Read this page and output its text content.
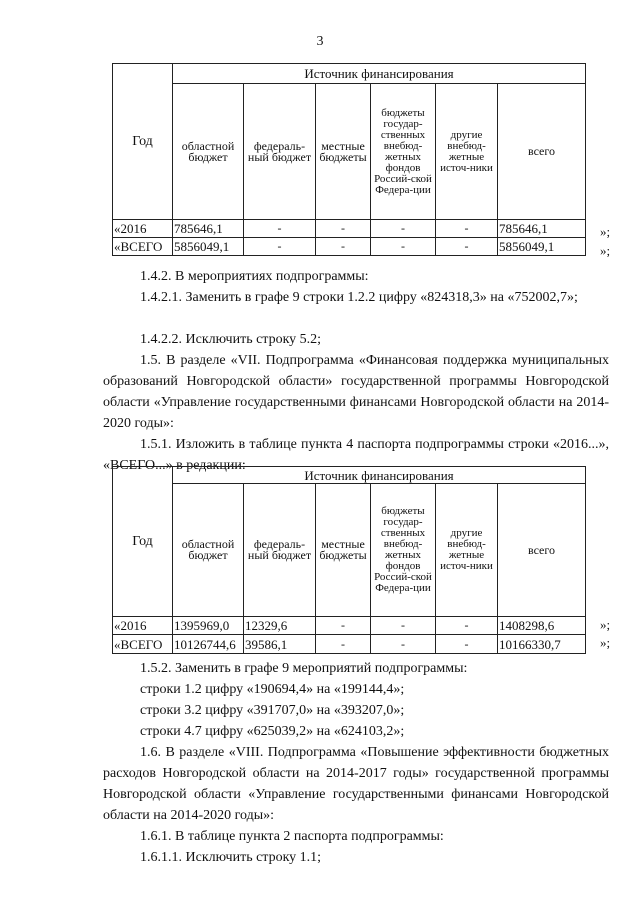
3
Год	Источник финансирования					
	областной бюджет	федераль-ный бюджет	местные бюджеты	бюджеты государ-ственных внебюд-жетных фондов Россий-ской Федера-ции	другие внебюд-жетные источ-ники	всего
«2016	785646,1	-	-	-	-	785646,1
«ВСЕГО	5856049,1	-	-	-	-	5856049,1
»;
»;
1.4.2. В мероприятиях подпрограммы:
1.4.2.1. Заменить в графе 9 строки 1.2.2 цифру «824318,3» на «752002,7»;
1.4.2.2. Исключить строку 5.2;
1.5. В разделе «VII. Подпрограмма «Финансовая поддержка муниципальных образований Новгородской области» государственной программы Новгородской области «Управление государственными финансами Новгородской области на 2014-2020 годы»:
1.5.1. Изложить в таблице пункта 4 паспорта подпрограммы строки «2016...», «ВСЕГО...» в редакции:
Год	Источник финансирования					
	областной бюджет	федераль-ный бюджет	местные бюджеты	бюджеты государ-ственных внебюд-жетных фондов Россий-ской Федера-ции	другие внебюд-жетные источ-ники	всего
«2016	1395969,0	12329,6	-	-	-	1408298,6
«ВСЕГО	10126744,6	39586,1	-	-	-	10166330,7
»;
»;
1.5.2. Заменить в графе 9 мероприятий подпрограммы:
строки 1.2 цифру «190694,4» на «199144,4»;
строки 3.2 цифру «391707,0» на «393207,0»;
строки 4.7 цифру «625039,2» на «624103,2»;
1.6. В разделе «VIII. Подпрограмма «Повышение эффективности бюджетных расходов Новгородской области на 2014-2017 годы» государственной программы Новгородской области «Управление государственными финансами Новгородской области на 2014-2020 годы»:
1.6.1. В таблице пункта 2 паспорта подпрограммы:
1.6.1.1. Исключить строку 1.1;
